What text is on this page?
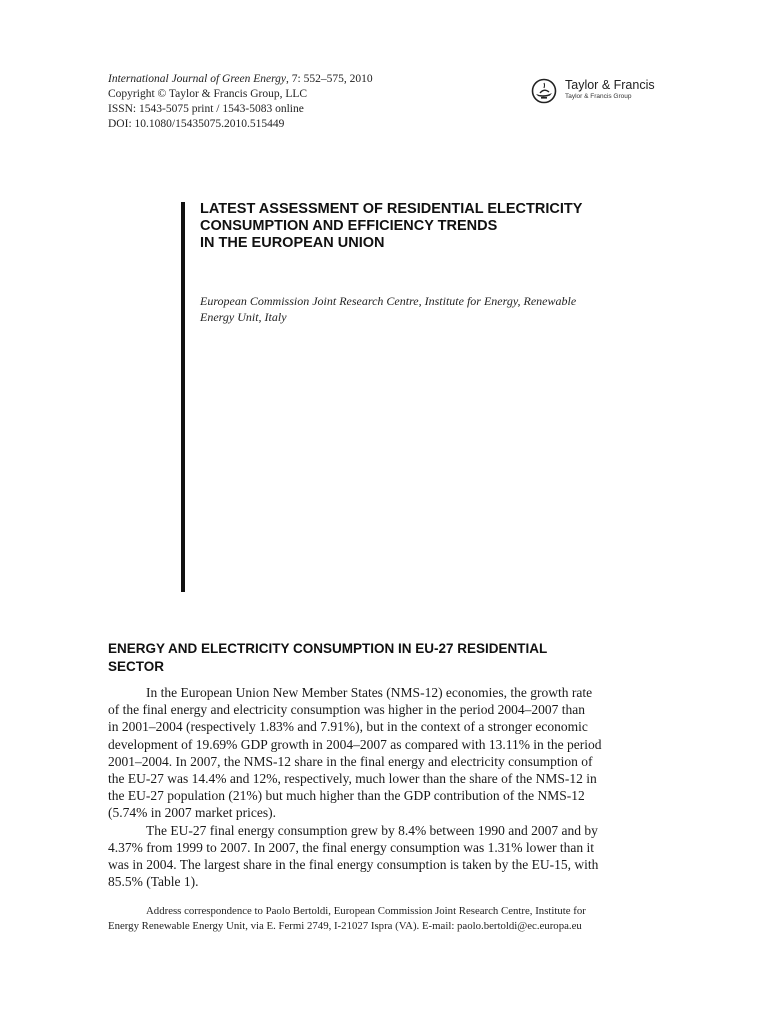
International Journal of Green Energy, 7: 552–575, 2010
Copyright © Taylor & Francis Group, LLC
ISSN: 1543-5075 print / 1543-5083 online
DOI: 10.1080/15435075.2010.515449
Taylor & Francis
Taylor & Francis Group
LATEST ASSESSMENT OF RESIDENTIAL ELECTRICITY
CONSUMPTION AND EFFICIENCY TRENDS
IN THE EUROPEAN UNION
European Commission Joint Research Centre, Institute for Energy, Renewable
Energy Unit, Italy
ENERGY AND ELECTRICITY CONSUMPTION IN EU-27 RESIDENTIAL
SECTOR
In the European Union New Member States (NMS-12) economies, the growth rate
of the final energy and electricity consumption was higher in the period 2004–2007 than
in 2001–2004 (respectively 1.83% and 7.91%), but in the context of a stronger economic
development of 19.69% GDP growth in 2004–2007 as compared with 13.11% in the period
2001–2004. In 2007, the NMS-12 share in the final energy and electricity consumption of
the EU-27 was 14.4% and 12%, respectively, much lower than the share of the NMS-12 in
the EU-27 population (21%) but much higher than the GDP contribution of the NMS-12
(5.74% in 2007 market prices).
The EU-27 final energy consumption grew by 8.4% between 1990 and 2007 and by
4.37% from 1999 to 2007. In 2007, the final energy consumption was 1.31% lower than it
was in 2004. The largest share in the final energy consumption is taken by the EU-15, with
85.5% (Table 1).
Address correspondence to Paolo Bertoldi, European Commission Joint Research Centre, Institute for
Energy Renewable Energy Unit, via E. Fermi 2749, I-21027 Ispra (VA). E-mail: paolo.bertoldi@ec.europa.eu
